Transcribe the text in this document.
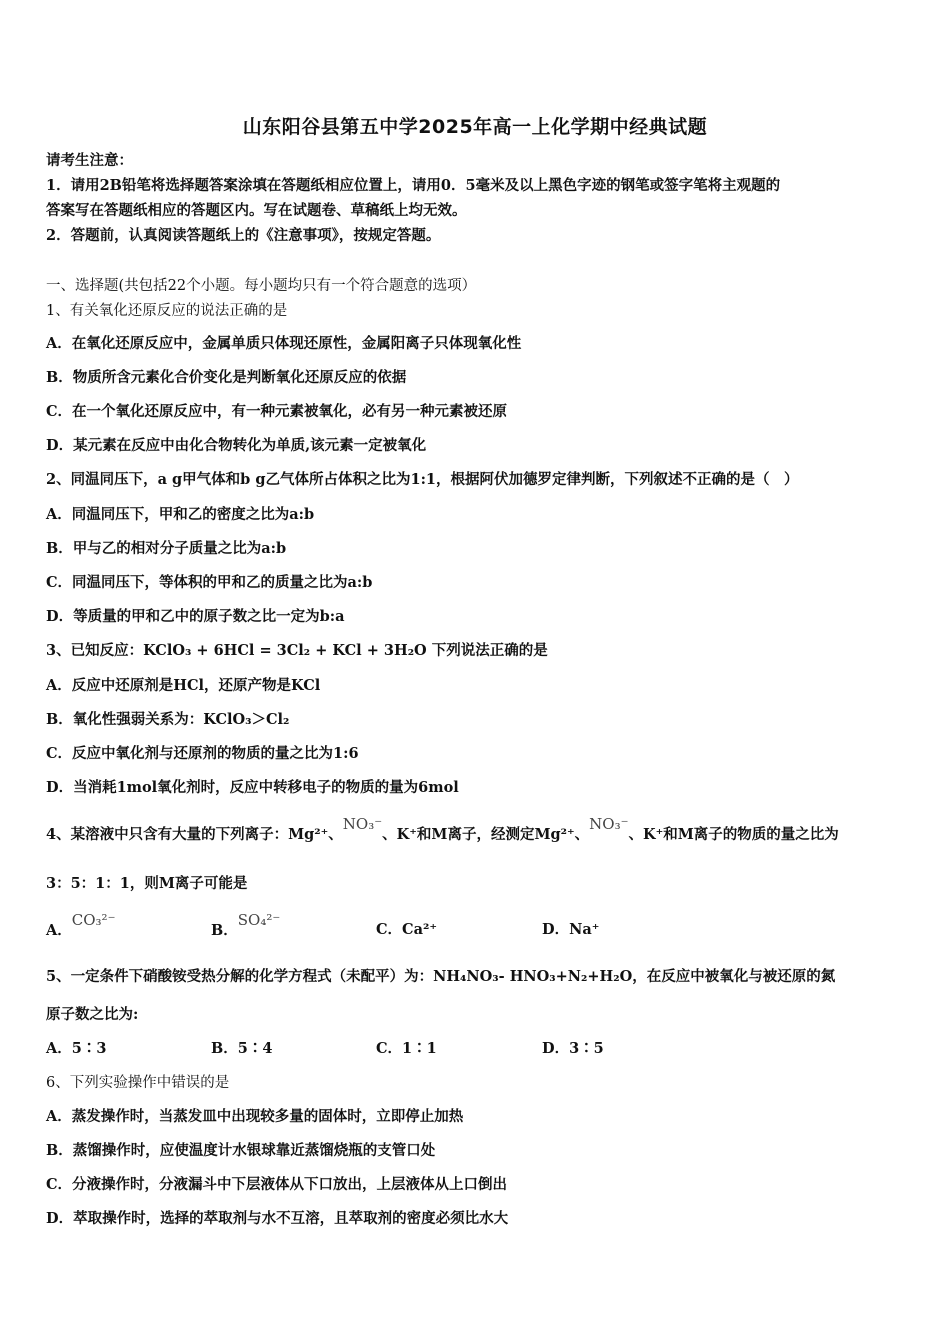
山东阳谷县第五中学2025年高一上化学期中经典试题
请考生注意：
1．请用2B铅笔将选择题答案涂填在答题纸相应位置上，请用0．5毫米及以上黑色字迹的钢笔或签字笔将主观题的
答案写在答题纸相应的答题区内。写在试题卷、草稿纸上均无效。
2．答题前，认真阅读答题纸上的《注意事项》，按规定答题。
一、选择题(共包括22个小题。每小题均只有一个符合题意的选项）
1、有关氧化还原反应的说法正确的是
A．在氧化还原反应中，金属单质只体现还原性，金属阳离子只体现氧化性
B．物质所含元素化合价变化是判断氧化还原反应的依据
C．在一个氧化还原反应中，有一种元素被氧化，必有另一种元素被还原
D．某元素在反应中由化合物转化为单质,该元素一定被氧化
2、同温同压下，a g甲气体和b g乙气体所占体积之比为1:1，根据阿伏加德罗定律判断，下列叙述不正确的是（　）
A．同温同压下，甲和乙的密度之比为a:b
B．甲与乙的相对分子质量之比为a:b
C．同温同压下，等体积的甲和乙的质量之比为a:b
D．等质量的甲和乙中的原子数之比一定为b:a
3、已知反应：KClO₃ + 6HCl = 3Cl₂ + KCl + 3H₂O 下列说法正确的是
A．反应中还原剂是HCl，还原产物是KCl
B．氧化性强弱关系为：KClO₃＞Cl₂
C．反应中氧化剂与还原剂的物质的量之比为1:6
D．当消耗1mol氧化剂时，反应中转移电子的物质的量为6mol
4、某溶液中只含有大量的下列离子：Mg²⁺、NO₃⁻、K⁺和M离子，经测定Mg²⁺、NO₃⁻、K⁺和M离子的物质的量之比为
3：5：1：1，则M离子可能是
A．CO₃²⁻
B．SO₄²⁻
C．Ca²⁺	D．Na⁺
5、一定条件下硝酸铵受热分解的化学方程式（未配平）为：NH₄NO₃- HNO₃+N₂+H₂O，在反应中被氧化与被还原的氮
原子数之比为:
A．5∶3	B．5∶4	C．1∶1	D．3∶5
6、下列实验操作中错误的是
A．蒸发操作时，当蒸发皿中出现较多量的固体时，立即停止加热
B．蒸馏操作时，应使温度计水银球靠近蒸馏烧瓶的支管口处
C．分液操作时，分液漏斗中下层液体从下口放出，上层液体从上口倒出
D．萃取操作时，选择的萃取剂与水不互溶，且萃取剂的密度必须比水大
